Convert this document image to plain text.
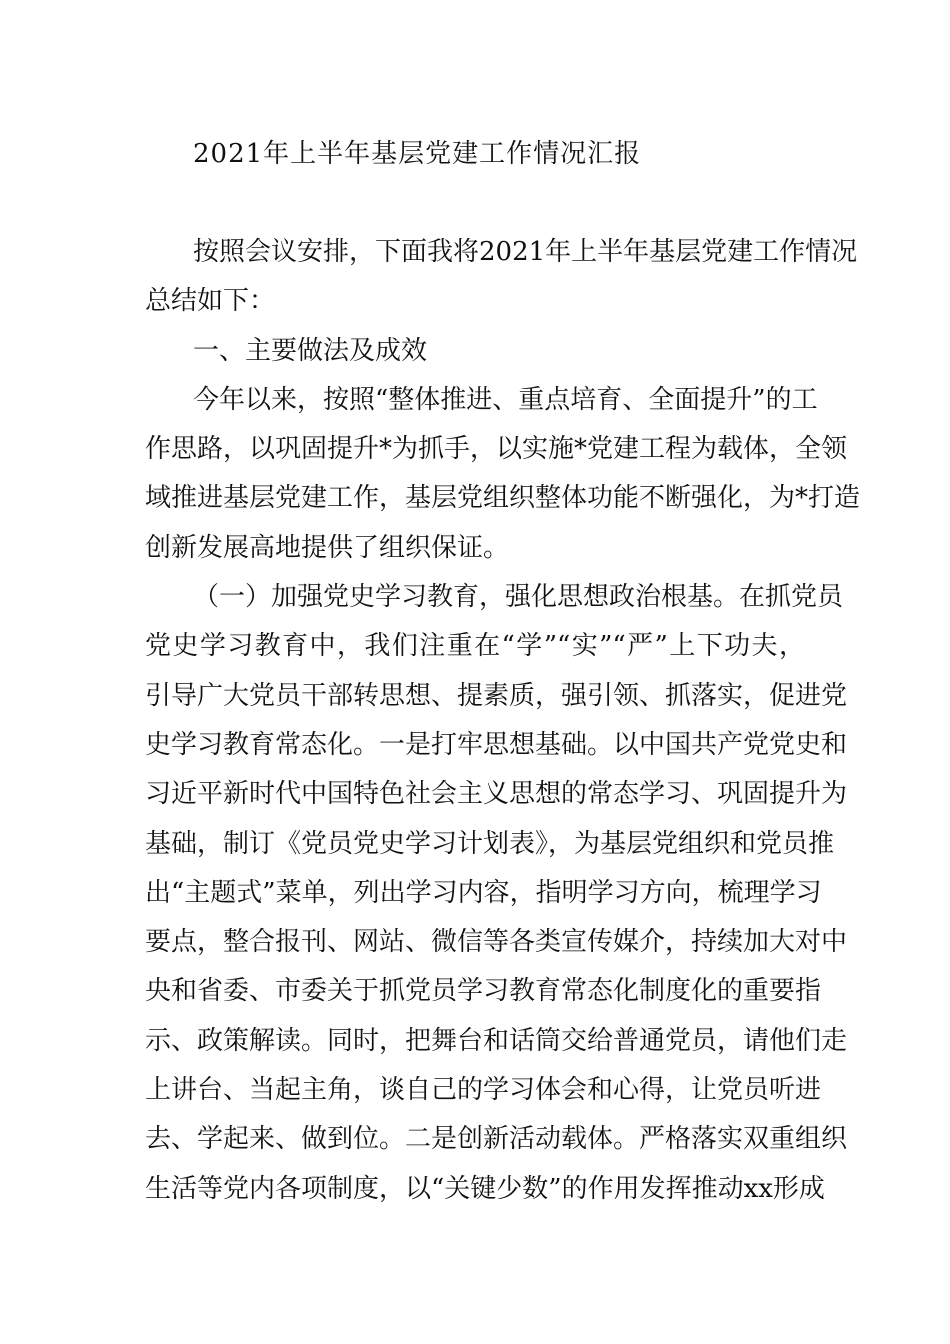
2021年上半年基层党建工作情况汇报
按照会议安排，下面我将2021年上半年基层党建工作情况
总结如下：
一、主要做法及成效
今年以来，按照“整体推进、重点培育、全面提升”的工
作思路，以巩固提升*为抓手，以实施*党建工程为载体，全领
域推进基层党建工作，基层党组织整体功能不断强化，为*打造
创新发展高地提供了组织保证。
（一）加强党史学习教育，强化思想政治根基。在抓党员
党史学习教育中，我们注重在“学”“实”“严”上下功夫，
引导广大党员干部转思想、提素质，强引领、抓落实，促进党
史学习教育常态化。一是打牢思想基础。以中国共产党党史和
习近平新时代中国特色社会主义思想的常态学习、巩固提升为
基础，制订《党员党史学习计划表》，为基层党组织和党员推
出“主题式”菜单，列出学习内容，指明学习方向，梳理学习
要点，整合报刊、网站、微信等各类宣传媒介，持续加大对中
央和省委、市委关于抓党员学习教育常态化制度化的重要指
示、政策解读。同时，把舞台和话筒交给普通党员，请他们走
上讲台、当起主角，谈自己的学习体会和心得，让党员听进
去、学起来、做到位。二是创新活动载体。严格落实双重组织
生活等党内各项制度，以“关键少数”的作用发挥推动xx形成
